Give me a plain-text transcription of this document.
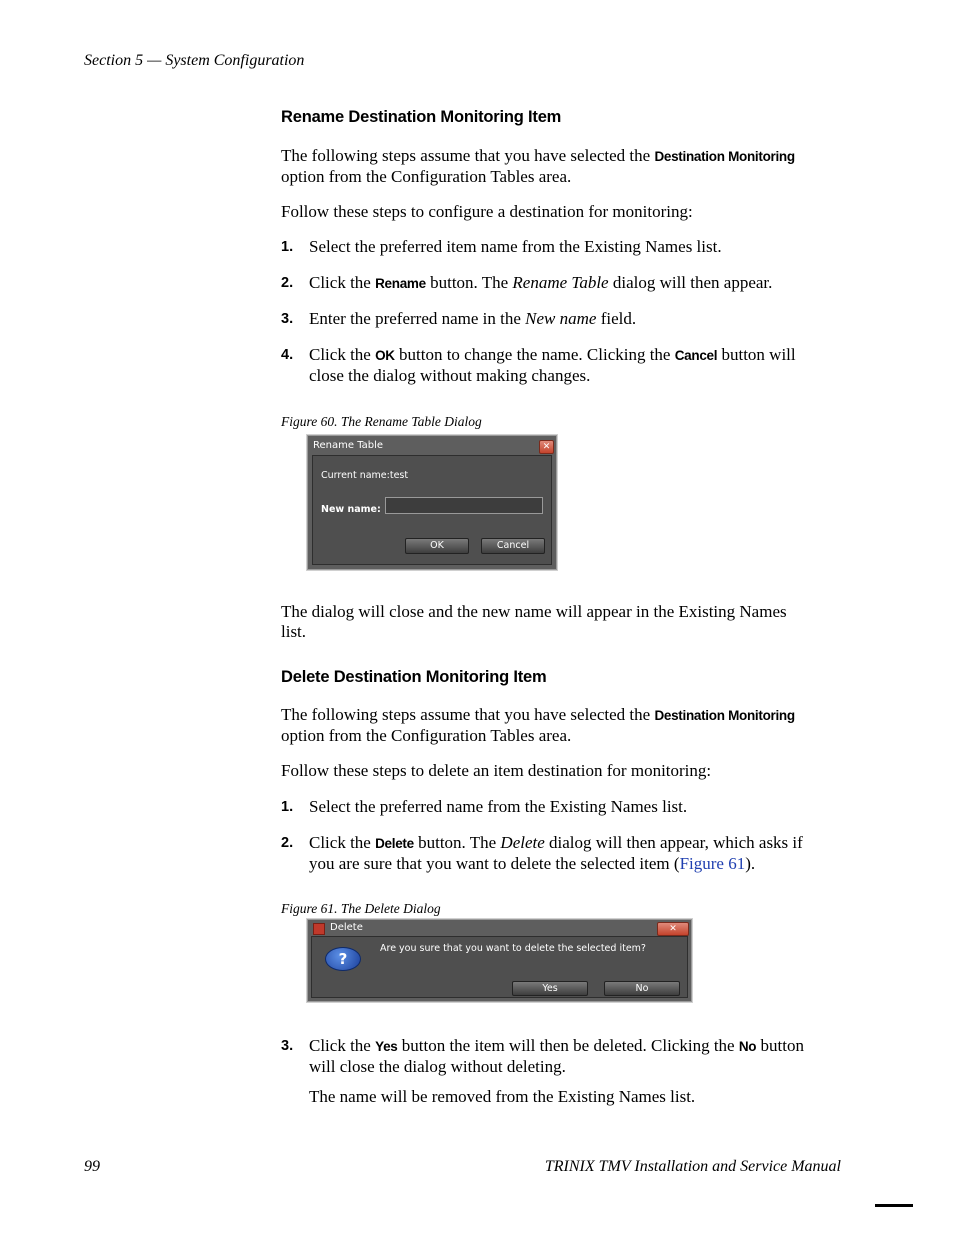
Section 5 — System Configuration
Rename Destination Monitoring Item
The following steps assume that you have selected the Destination Monitoring
option from the Configuration Tables area.
Follow these steps to configure a destination for monitoring:
1. Select the preferred item name from the Existing Names list.
2. Click the Rename button. The Rename Table dialog will then appear.
3. Enter the preferred name in the New name field.
4. Click the OK button to change the name. Clicking the Cancel button will
close the dialog without making changes.
Figure 60. The Rename Table Dialog
Rename Table	✕
Current name:test
New name:
OK	Cancel
The dialog will close and the new name will appear in the Existing Names
list.
Delete Destination Monitoring Item
The following steps assume that you have selected the Destination Monitoring
option from the Configuration Tables area.
Follow these steps to delete an item destination for monitoring:
1. Select the preferred name from the Existing Names list.
2. Click the Delete button. The Delete dialog will then appear, which asks if
you are sure that you want to delete the selected item (Figure 61).
Figure 61. The Delete Dialog
Delete	✕
?
Are you sure that you want to delete the selected item?
Yes	No
3. Click the Yes button the item will then be deleted. Clicking the No button
will close the dialog without deleting.
The name will be removed from the Existing Names list.
99	TRINIX TMV Installation and Service Manual
